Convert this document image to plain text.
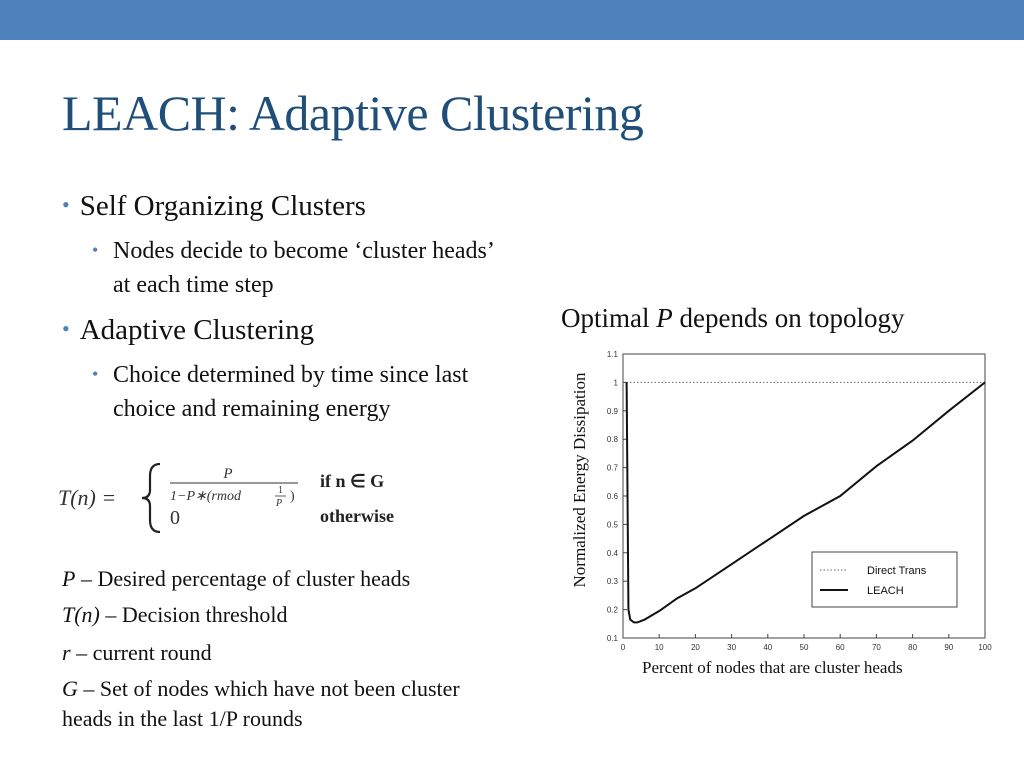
LEACH: Adaptive Clustering
• Self Organizing Clusters
• Nodes decide to become ‘cluster heads’ at each time step
• Adaptive Clustering
• Choice determined by time since last choice and remaining energy
T(n) =
P
1−P∗(rmod	1
P )
0
if n ∈ G
otherwise
P – Desired percentage of cluster heads
T(n) – Decision threshold
r – current round
G – Set of nodes which have not been cluster heads in the last 1/P rounds
Optimal P depends on topology
Normalized Energy Dissipation
Percent of nodes that are cluster heads
0	10	20	30	40	50	60	70	80	90	100
0.1
0.2
0.3
0.4
0.5
0.6
0.7
0.8
0.9
1
1.1
Direct Trans
LEACH
